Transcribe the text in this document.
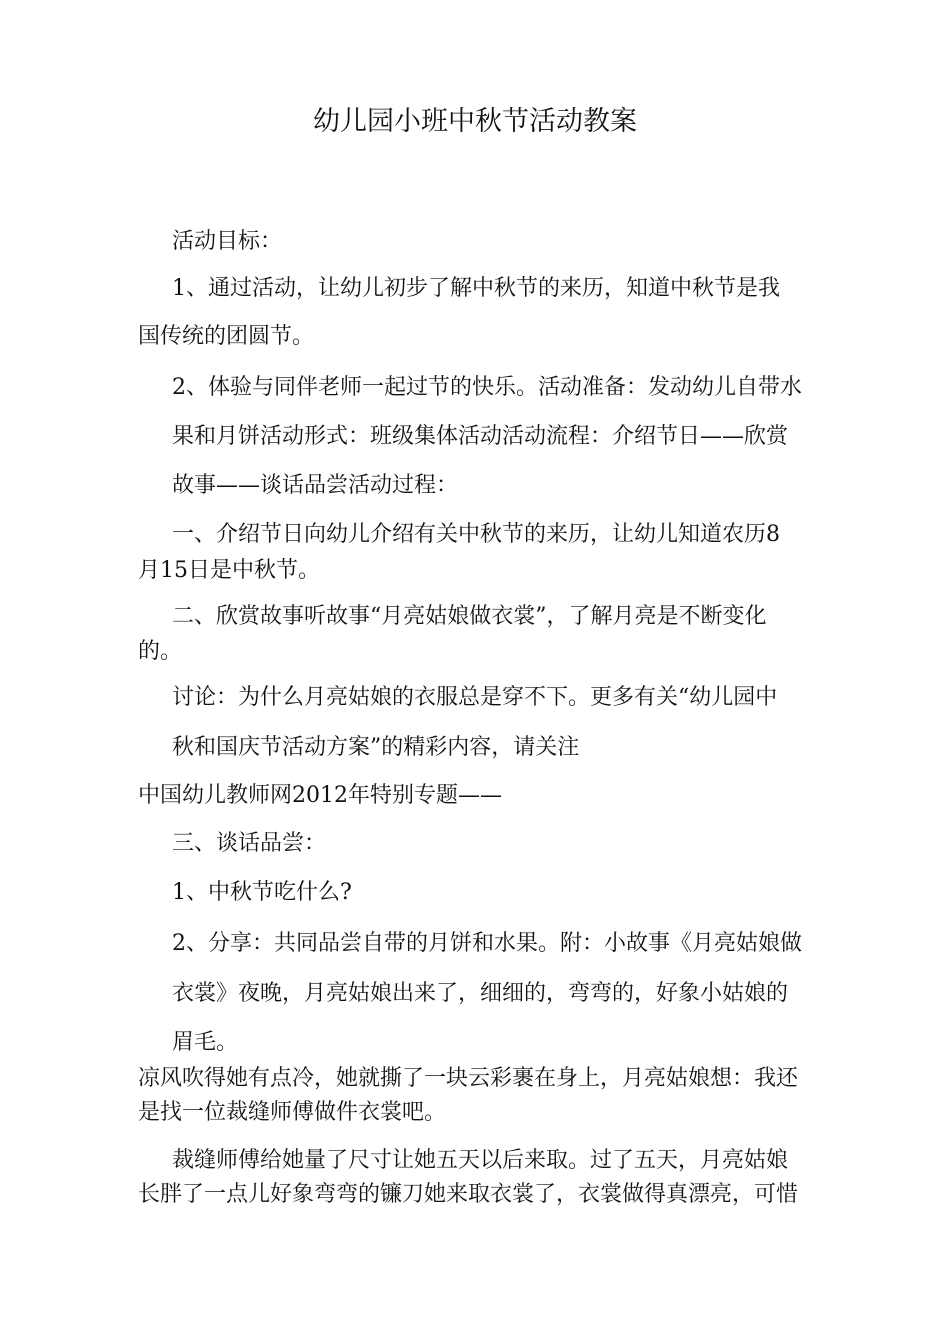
幼儿园小班中秋节活动教案
活动目标：
1、通过活动，让幼儿初步了解中秋节的来历，知道中秋节是我
国传统的团圆节。
2、体验与同伴老师一起过节的快乐。活动准备：发动幼儿自带水
果和月饼活动形式：班级集体活动活动流程：介绍节日——欣赏
故事——谈话品尝活动过程：
一、介绍节日向幼儿介绍有关中秋节的来历，让幼儿知道农历8
月15日是中秋节。
二、欣赏故事听故事“月亮姑娘做衣裳”，了解月亮是不断变化
的。
讨论：为什么月亮姑娘的衣服总是穿不下。更多有关“幼儿园中
秋和国庆节活动方案”的精彩内容，请关注
中国幼儿教师网2012年特别专题——
三、谈话品尝：
1、中秋节吃什么?
2、分享：共同品尝自带的月饼和水果。附：小故事《月亮姑娘做
衣裳》夜晚，月亮姑娘出来了，细细的，弯弯的，好象小姑娘的
眉毛。
凉风吹得她有点冷，她就撕了一块云彩裹在身上，月亮姑娘想：我还
是找一位裁缝师傅做件衣裳吧。
裁缝师傅给她量了尺寸让她五天以后来取。过了五天，月亮姑娘
长胖了一点儿好象弯弯的镰刀她来取衣裳了，衣裳做得真漂亮，可惜
